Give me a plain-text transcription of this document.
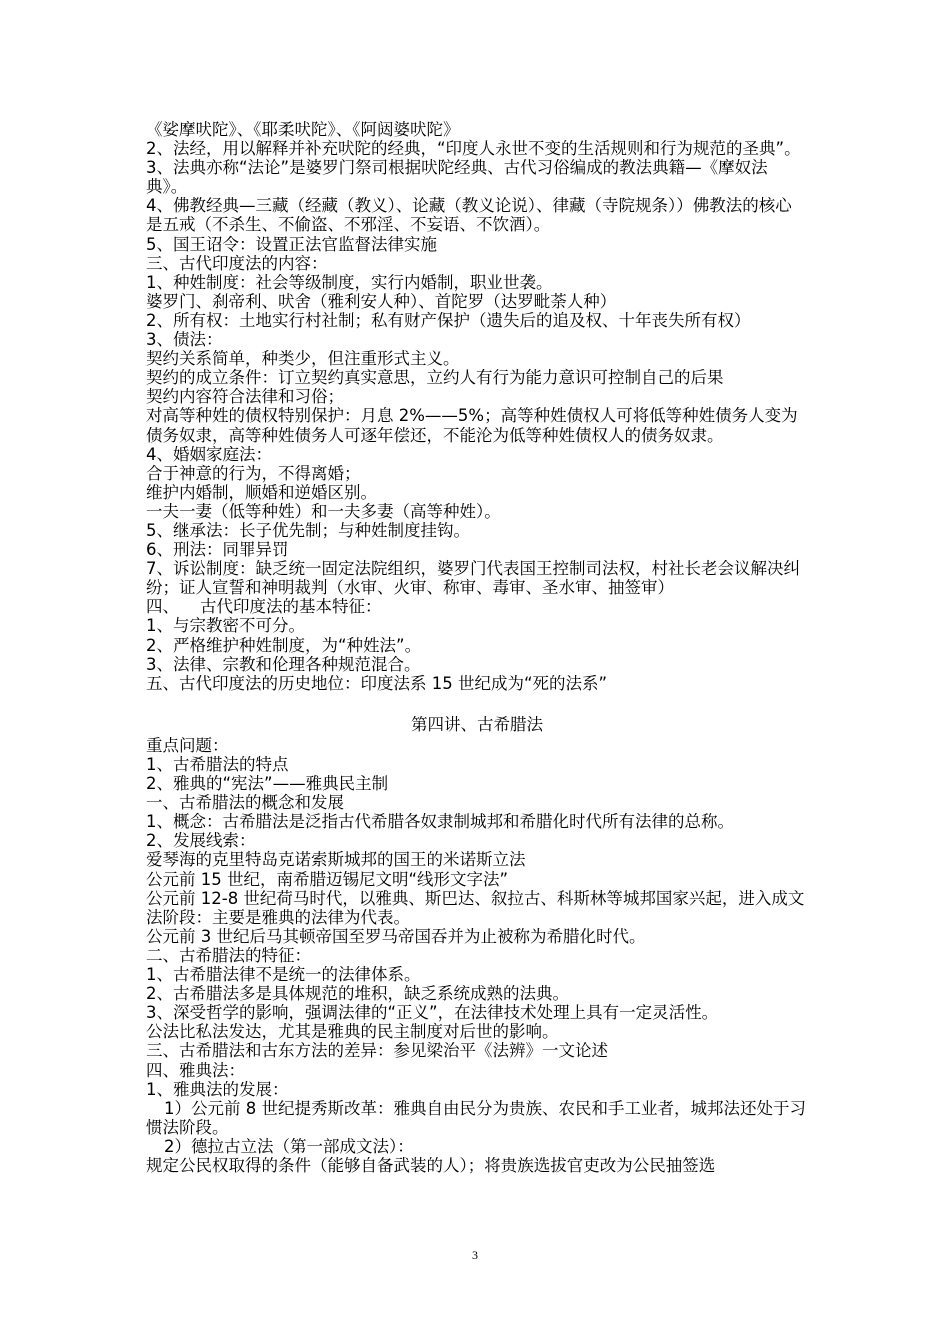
《娑摩吠陀》、《耶柔吠陀》、《阿闼婆吠陀》
2、法经，用以解释并补充吠陀的经典，“印度人永世不变的生活规则和行为规范的圣典”。
3、法典亦称“法论”是婆罗门祭司根据吠陀经典、古代习俗编成的教法典籍—《摩奴法典》。
4、佛教经典—三藏（经藏（教义）、论藏（教义论说）、律藏（寺院规条））佛教法的核心是五戒（不杀生、不偷盗、不邪淫、不妄语、不饮酒）。
5、国王诏令：设置正法官监督法律实施
三、古代印度法的内容：
1、种姓制度：社会等级制度，实行内婚制，职业世袭。
婆罗门、刹帝利、吠舍（雅利安人种）、首陀罗（达罗毗荼人种）
2、所有权：土地实行村社制；私有财产保护（遗失后的追及权、十年丧失所有权）
3、债法：
契约关系简单，种类少，但注重形式主义。
契约的成立条件：订立契约真实意思，立约人有行为能力意识可控制自己的后果
契约内容符合法律和习俗；
对高等种姓的债权特别保护：月息 2%——5%；高等种姓债权人可将低等种姓债务人变为债务奴隶，高等种姓债务人可逐年偿还，不能沦为低等种姓债权人的债务奴隶。
4、婚姻家庭法：
合于神意的行为，不得离婚；
维护内婚制，顺婚和逆婚区别。
一夫一妻（低等种姓）和一夫多妻（高等种姓）。
5、继承法：长子优先制；与种姓制度挂钩。
6、刑法：同罪异罚
7、诉讼制度：缺乏统一固定法院组织，婆罗门代表国王控制司法权，村社长老会议解决纠纷；证人宣誓和神明裁判（水审、火审、称审、毒审、圣水审、抽签审）
四、    古代印度法的基本特征：
1、与宗教密不可分。
2、严格维护种姓制度，为“种姓法”。
3、法律、宗教和伦理各种规范混合。
五、古代印度法的历史地位：印度法系 15 世纪成为“死的法系”
第四讲、古希腊法
重点问题：
1、古希腊法的特点
2、雅典的“宪法”——雅典民主制
一、古希腊法的概念和发展
1、概念：古希腊法是泛指古代希腊各奴隶制城邦和希腊化时代所有法律的总称。
2、发展线索：
爱琴海的克里特岛克诺索斯城邦的国王的米诺斯立法
公元前 15 世纪，南希腊迈锡尼文明“线形文字法”
公元前 12-8 世纪荷马时代，以雅典、斯巴达、叙拉古、科斯林等城邦国家兴起，进入成文法阶段：主要是雅典的法律为代表。
公元前 3 世纪后马其顿帝国至罗马帝国吞并为止被称为希腊化时代。
二、古希腊法的特征：
1、古希腊法律不是统一的法律体系。
2、古希腊法多是具体规范的堆积，缺乏系统成熟的法典。
3、深受哲学的影响，强调法律的“正义”，在法律技术处理上具有一定灵活性。
公法比私法发达，尤其是雅典的民主制度对后世的影响。
三、古希腊法和古东方法的差异：参见梁治平《法辨》一文论述
四、雅典法：
1、雅典法的发展：
1）公元前 8 世纪提秀斯改革：雅典自由民分为贵族、农民和手工业者，城邦法还处于习惯法阶段。
2）德拉古立法（第一部成文法）：
规定公民权取得的条件（能够自备武装的人）；将贵族选拔官吏改为公民抽签选
3
